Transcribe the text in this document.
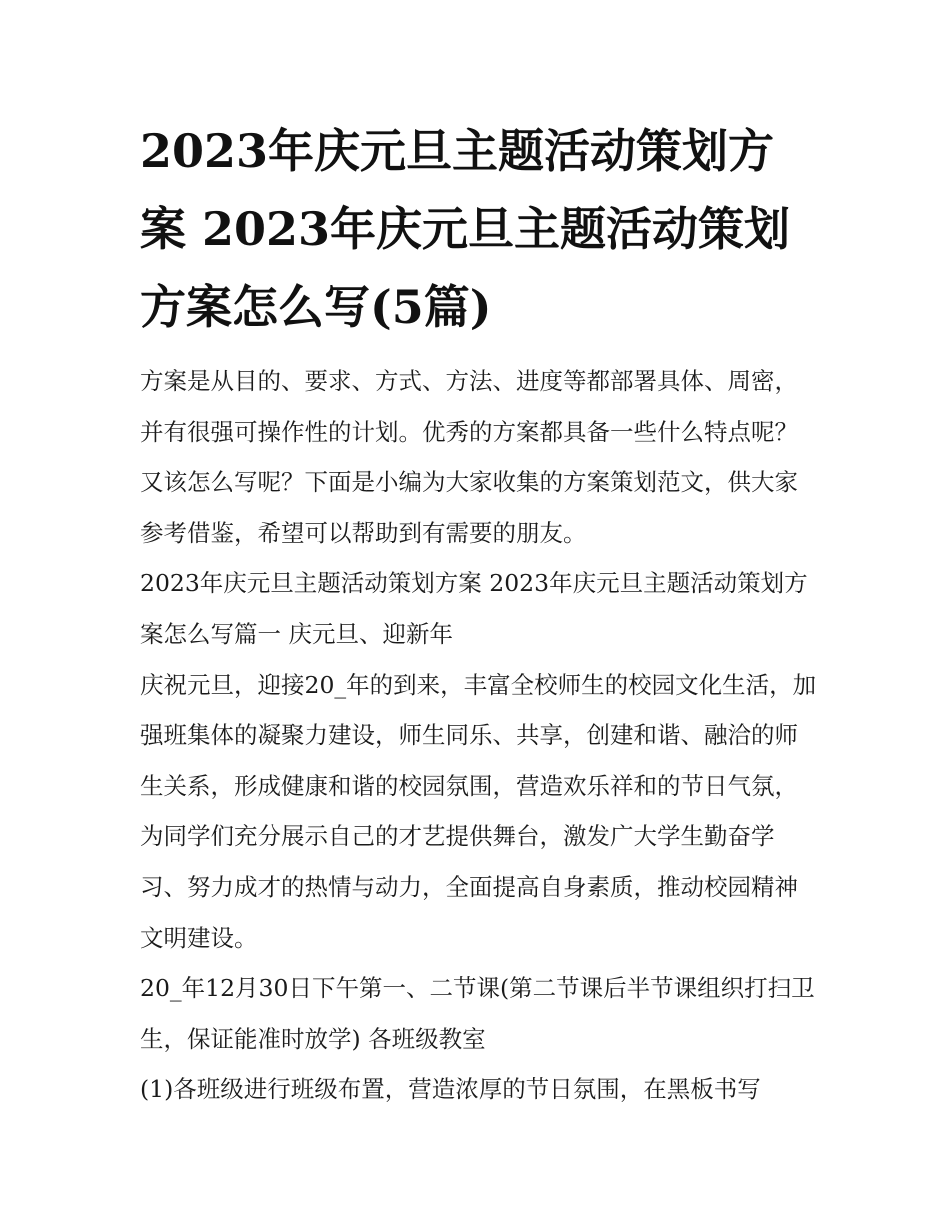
2023年庆元旦主题活动策划方案 2023年庆元旦主题活动策划方案怎么写(5篇)

方案是从目的、要求、方式、方法、进度等都部署具体、周密，并有很强可操作性的计划。优秀的方案都具备一些什么特点呢？又该怎么写呢？下面是小编为大家收集的方案策划范文，供大家参考借鉴，希望可以帮助到有需要的朋友。

2023年庆元旦主题活动策划方案 2023年庆元旦主题活动策划方案怎么写篇一 庆元旦、迎新年

庆祝元旦，迎接20_年的到来，丰富全校师生的校园文化生活，加强班集体的凝聚力建设，师生同乐、共享，创建和谐、融洽的师生关系，形成健康和谐的校园氛围，营造欢乐祥和的节日气氛，为同学们充分展示自己的才艺提供舞台，激发广大学生勤奋学习、努力成才的热情与动力，全面提高自身素质，推动校园精神文明建设。

20_年12月30日下午第一、二节课(第二节课后半节课组织打扫卫生，保证能准时放学) 各班级教室

(1)各班级进行班级布置，营造浓厚的节日氛围，在黑板书写
